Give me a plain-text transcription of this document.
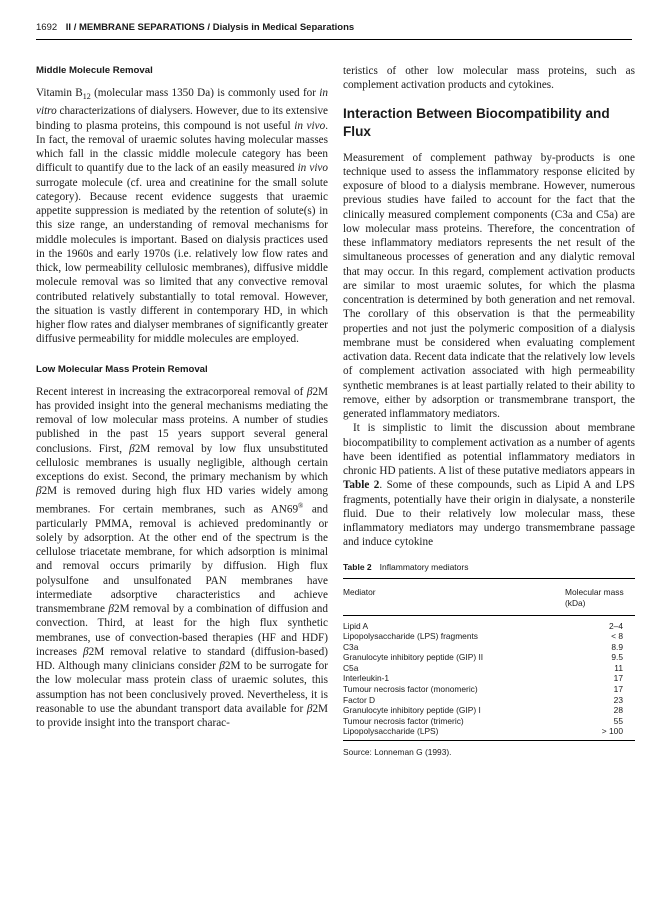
1692 II / MEMBRANE SEPARATIONS / Dialysis in Medical Separations
Middle Molecule Removal

Vitamin $B_{12}$ (molecular mass 1350 Da) is commonly used for in vitro characterizations of dialysers. However, due to its extensive binding to plasma proteins, this compound is not useful in vivo. In fact, the removal of uraemic solutes having molecular masses which fall in the classic middle molecule category has been difficult to quantify due to the lack of an easily measured in vivo surrogate molecule (cf. urea and creatinine for the small solute category). Because recent evidence suggests that uraemic appetite suppression is mediated by the retention of solute(s) in this size range, an understanding of removal mechanisms for middle molecules is important. Based on dialysis practices used in the 1960s and early 1970s (i.e. relatively low flow rates and thick, low permeability cellulosic membranes), diffusive middle molecule removal was so limited that any convective removal contributed relatively substantially to total removal. However, the situation is vastly different in contemporary HD, in which higher flow rates and dialyser membranes of significantly greater diffusive permeability for middle molecules are employed.

Low Molecular Mass Protein Removal

Recent interest in increasing the extracorporeal removal of β2M has provided insight into the general mechanisms mediating the removal of low molecular mass proteins. A number of studies published in the past 15 years support several general conclusions. First, β2M removal by low flux unsubstituted cellulosic membranes is usually negligible, although certain exceptions do exist. Second, the primary mechanism by which β2M is removed during high flux HD varies widely among membranes. For certain membranes, such as AN69® and particularly PMMA, removal is achieved predominantly or solely by adsorption. At the other end of the spectrum is the cellulose triacetate membrane, for which adsorption is minimal and removal occurs primarily by diffusion. High flux polysulfone and unsulfonated PAN membranes have intermediate adsorptive characteristics and achieve transmembrane β2M removal by a combination of diffusion and convection. Third, at least for the high flux synthetic membranes, use of convection-based therapies (HF and HDF) increases β2M removal relative to standard (diffusion-based) HD. Although many clinicians consider β2M to be surrogate for the low molecular mass protein class of uraemic solutes, this assumption has not been conclusively proved. Nevertheless, it is reasonable to use the abundant transport data available for β2M to provide insight into the transport charac-

teristics of other low molecular mass proteins, such as complement activation products and cytokines.

Interaction Between Biocompatibility and Flux

Measurement of complement pathway by-products is one technique used to assess the inflammatory response elicited by exposure of blood to a dialysis membrane. However, numerous previous studies have failed to account for the fact that the clinically measured complement components (C3a and C5a) are low molecular mass proteins. Therefore, the concentration of these inflammatory mediators represents the net result of the simultaneous processes of generation and any dialytic removal that may occur. In this regard, complement activation products are similar to most uraemic solutes, for which the plasma concentration is determined by both generation and net removal. The corollary of this observation is that the permeability properties and not just the polymeric composition of a dialysis membrane must be considered when evaluating complement activation data. Recent data indicate that the relatively low levels of complement activation associated with high permeability synthetic membranes is at least partially related to their ability to remove, either by adsorption or transmembrane transport, the generated inflammatory mediators.

It is simplistic to limit the discussion about membrane biocompatibility to complement activation as a number of agents have been identified as potential inflammatory mediators in chronic HD patients. A list of these putative mediators appears in Table 2. Some of these compounds, such as Lipid A and LPS fragments, potentially have their origin in dialysate, a nonsterile fluid. Due to their relatively low molecular mass, these inflammatory mediators may undergo transmembrane passage and induce cytokine

Table 2 Inflammatory mediators
Mediator	Molecular mass (kDa)
Lipid A	2–4
Lipopolysaccharide (LPS) fragments	< 8
C3a	8.9
Granulocyte inhibitory peptide (GIP) II	9.5
C5a	11
Interleukin-1	17
Tumour necrosis factor (monomeric)	17
Factor D	23
Granulocyte inhibitory peptide (GIP) I	28
Tumour necrosis factor (trimeric)	55
Lipopolysaccharide (LPS)	> 100
Source: Lonneman G (1993).
